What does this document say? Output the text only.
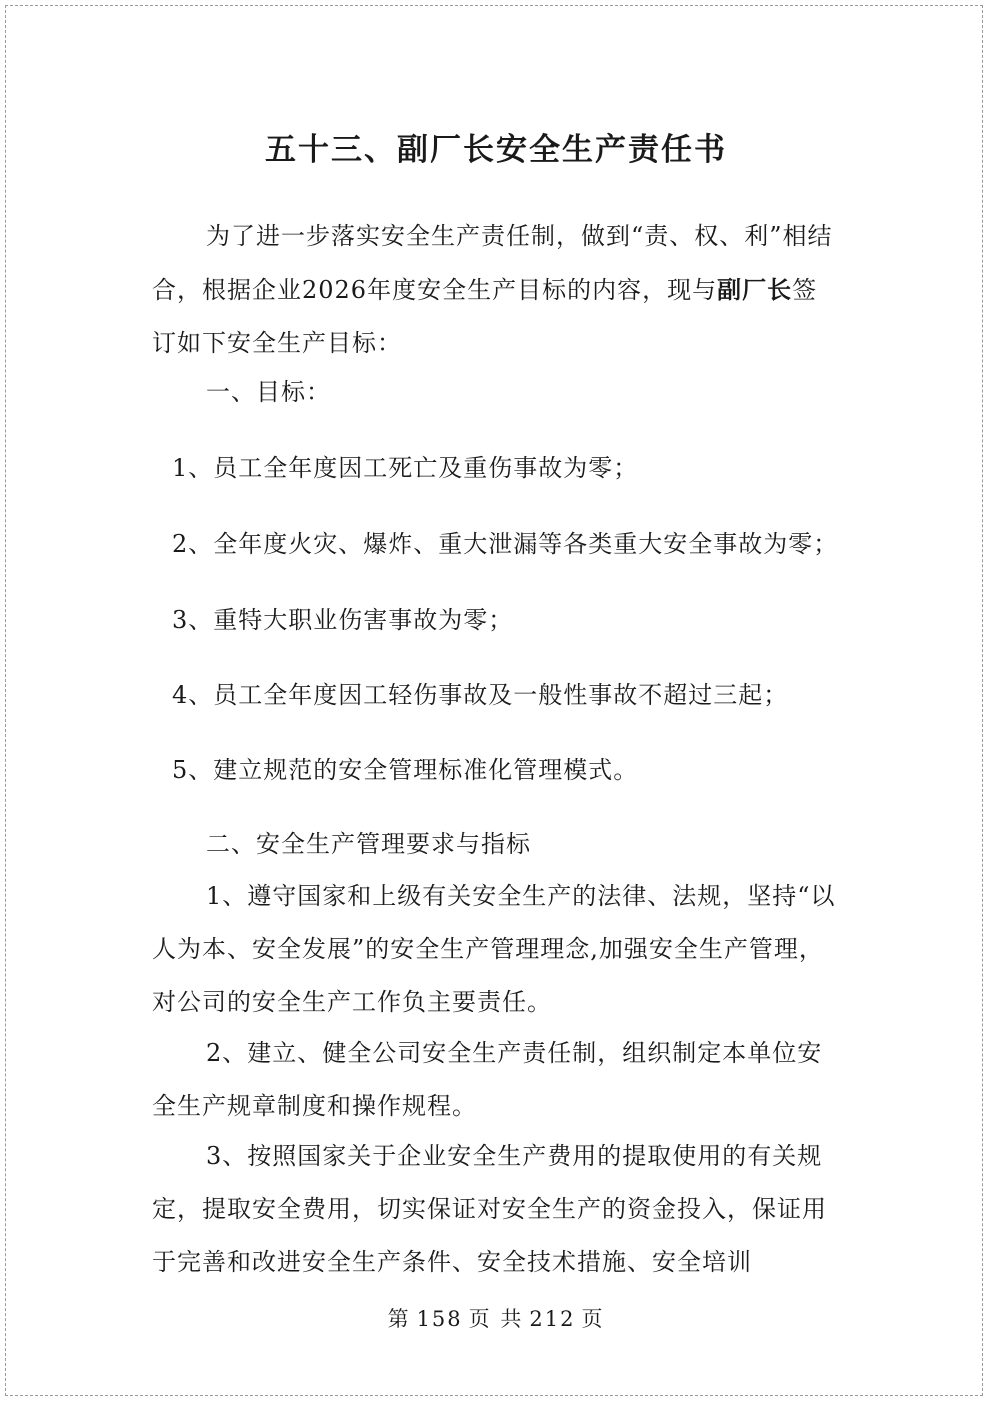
五十三、副厂长安全生产责任书
为了进一步落实安全生产责任制，做到“责、权、利”相结合，根据企业2026年度安全生产目标的内容，现与副厂长签订如下安全生产目标：
一、目标：
1、员工全年度因工死亡及重伤事故为零；
2、全年度火灾、爆炸、重大泄漏等各类重大安全事故为零；
3、重特大职业伤害事故为零；
4、员工全年度因工轻伤事故及一般性事故不超过三起；
5、建立规范的安全管理标准化管理模式。
二、安全生产管理要求与指标
1、遵守国家和上级有关安全生产的法律、法规，坚持“以人为本、安全发展”的安全生产管理理念,加强安全生产管理，对公司的安全生产工作负主要责任。
2、建立、健全公司安全生产责任制，组织制定本单位安全生产规章制度和操作规程。
3、按照国家关于企业安全生产费用的提取使用的有关规定，提取安全费用，切实保证对安全生产的资金投入，保证用于完善和改进安全生产条件、安全技术措施、安全培训
第 158 页 共 212 页
